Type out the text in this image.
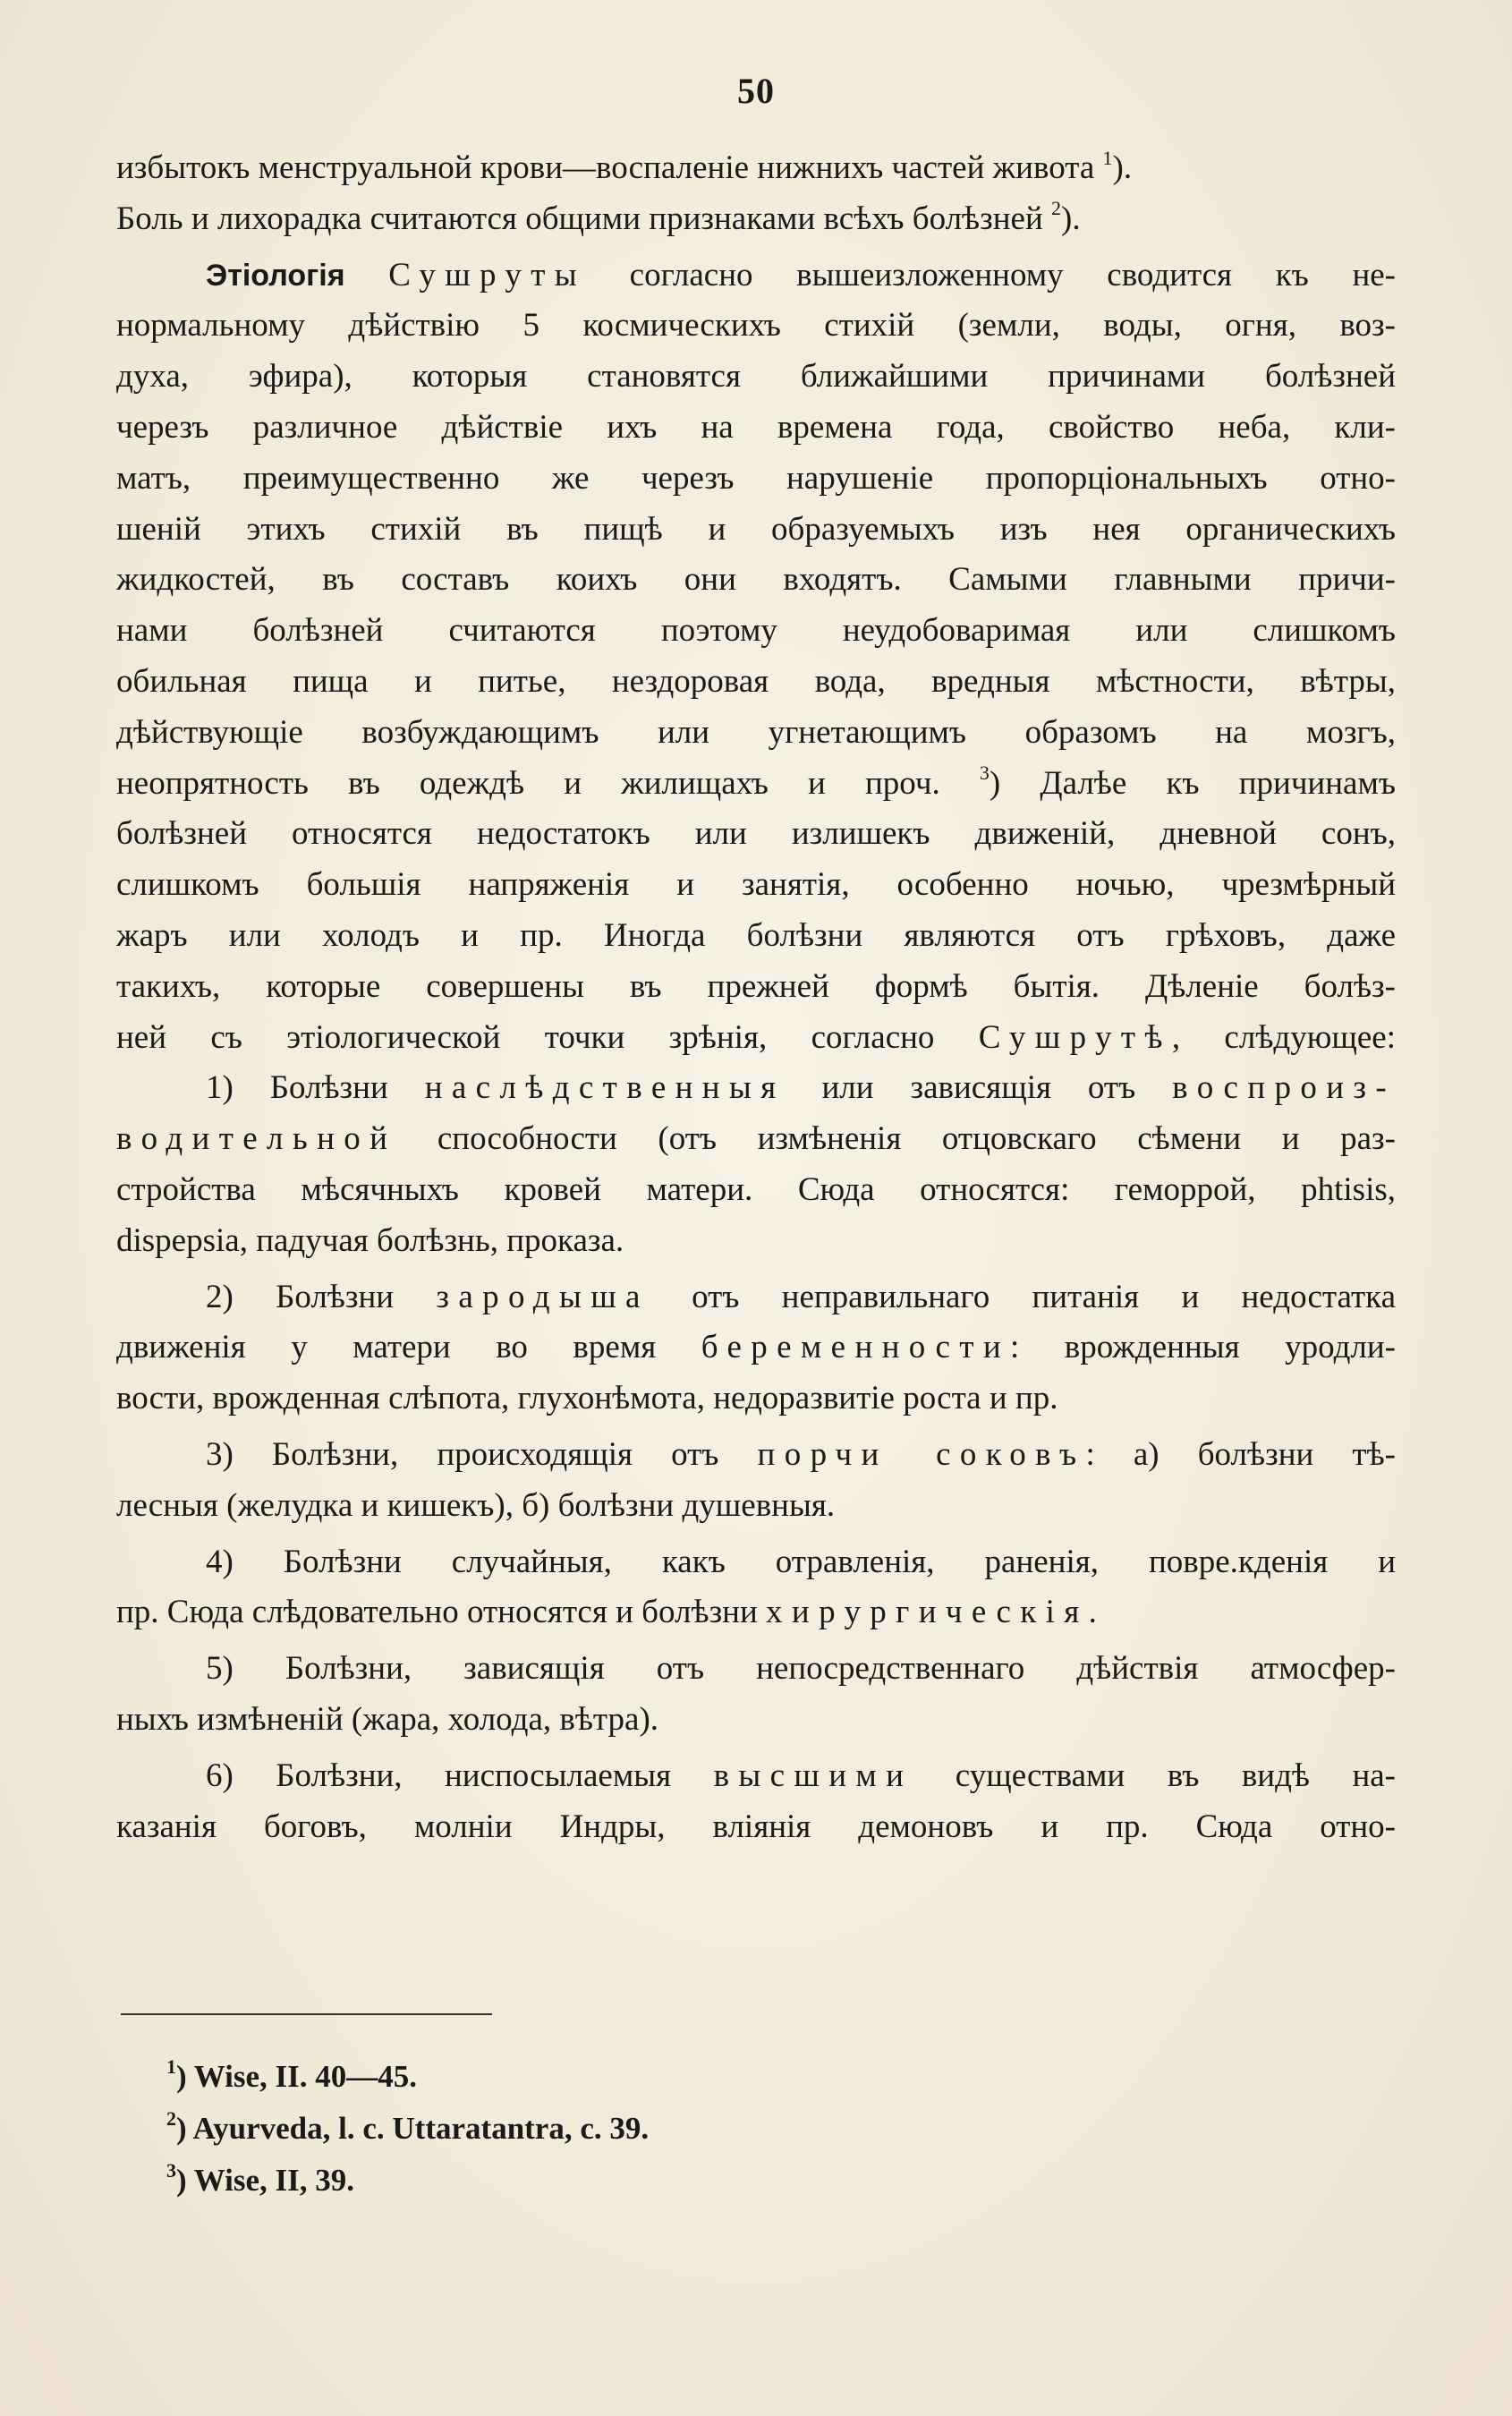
50
избытокъ менструальной крови—воспаленіе нижнихъ частей живота $^1$).
Боль и лихорадка считаются общими признаками всѣхъ болѣзней $^2$).
Этіологія Сушруты согласно вышеизложенному сводится къ не-
нормальному дѣйствію 5 космическихъ стихій (земли, воды, огня, воз-
духа, эфира), которыя становятся ближайшими причинами болѣзней
черезъ различное дѣйствіе ихъ на времена года, свойство неба, кли-
матъ, преимущественно же черезъ нарушеніе пропорціональныхъ отно-
шеній этихъ стихій въ пищѣ и образуемыхъ изъ нея органическихъ
жидкостей, въ составъ коихъ они входятъ. Самыми главными причи-
нами болѣзней считаются поэтому неудобоваримая или слишкомъ
обильная пища и питье, нездоровая вода, вредныя мѣстности, вѣтры,
дѣйствующіе возбуждающимъ или угнетающимъ образомъ на мозгъ,
неопрятность въ одеждѣ и жилищахъ и проч. $^3$) Далѣе къ причинамъ
болѣзней относятся недостатокъ или излишекъ движеній, дневной сонъ,
слишкомъ большія напряженія и занятія, особенно ночью, чрезмѣрный
жаръ или холодъ и пр. Иногда болѣзни являются отъ грѣховъ, даже
такихъ, которые совершены въ прежней формѣ бытія. Дѣленіе болѣз-
ней съ этіологической точки зрѣнія, согласно Сушрутѣ, слѣдующее:
1) Болѣзни наслѣдственныя или зависящія отъ воспроиз-
водительной способности (отъ измѣненія отцовскаго сѣмени и раз-
стройства мѣсячныхъ кровей матери. Сюда относятся: геморрой, phtisis,
disрepsia, падучая болѣзнь, проказа.
2) Болѣзни зародыша отъ неправильнаго питанія и недостатка
движенія у матери во время беременности: врожденныя уродли-
вости, врожденная слѣпота, глухонѣмота, недоразвитіе роста и пр.
3) Болѣзни, происходящія отъ порчи соковъ: а) болѣзни тѣ-
лесныя (желудка и кишекъ), б) болѣзни душевныя.
4) Болѣзни случайныя, какъ отравленія, раненія, повре.кденія и
пр. Сюда слѣдовательно относятся и болѣзни хирургическія.
5) Болѣзни, зависящія отъ непосредственнаго дѣйствія атмосфер-
ныхъ измѣненій (жара, холода, вѣтра).
6) Болѣзни, ниспосылаемыя высшими существами въ видѣ на-
казанія боговъ, молніи Индры, вліянія демоновъ и пр. Сюда отно-
$^1$) Wise, II. 40—45.
$^2$) Ayurveda, l. c. Uttaratantra, c. 39.
$^3$) Wise, II, 39.
